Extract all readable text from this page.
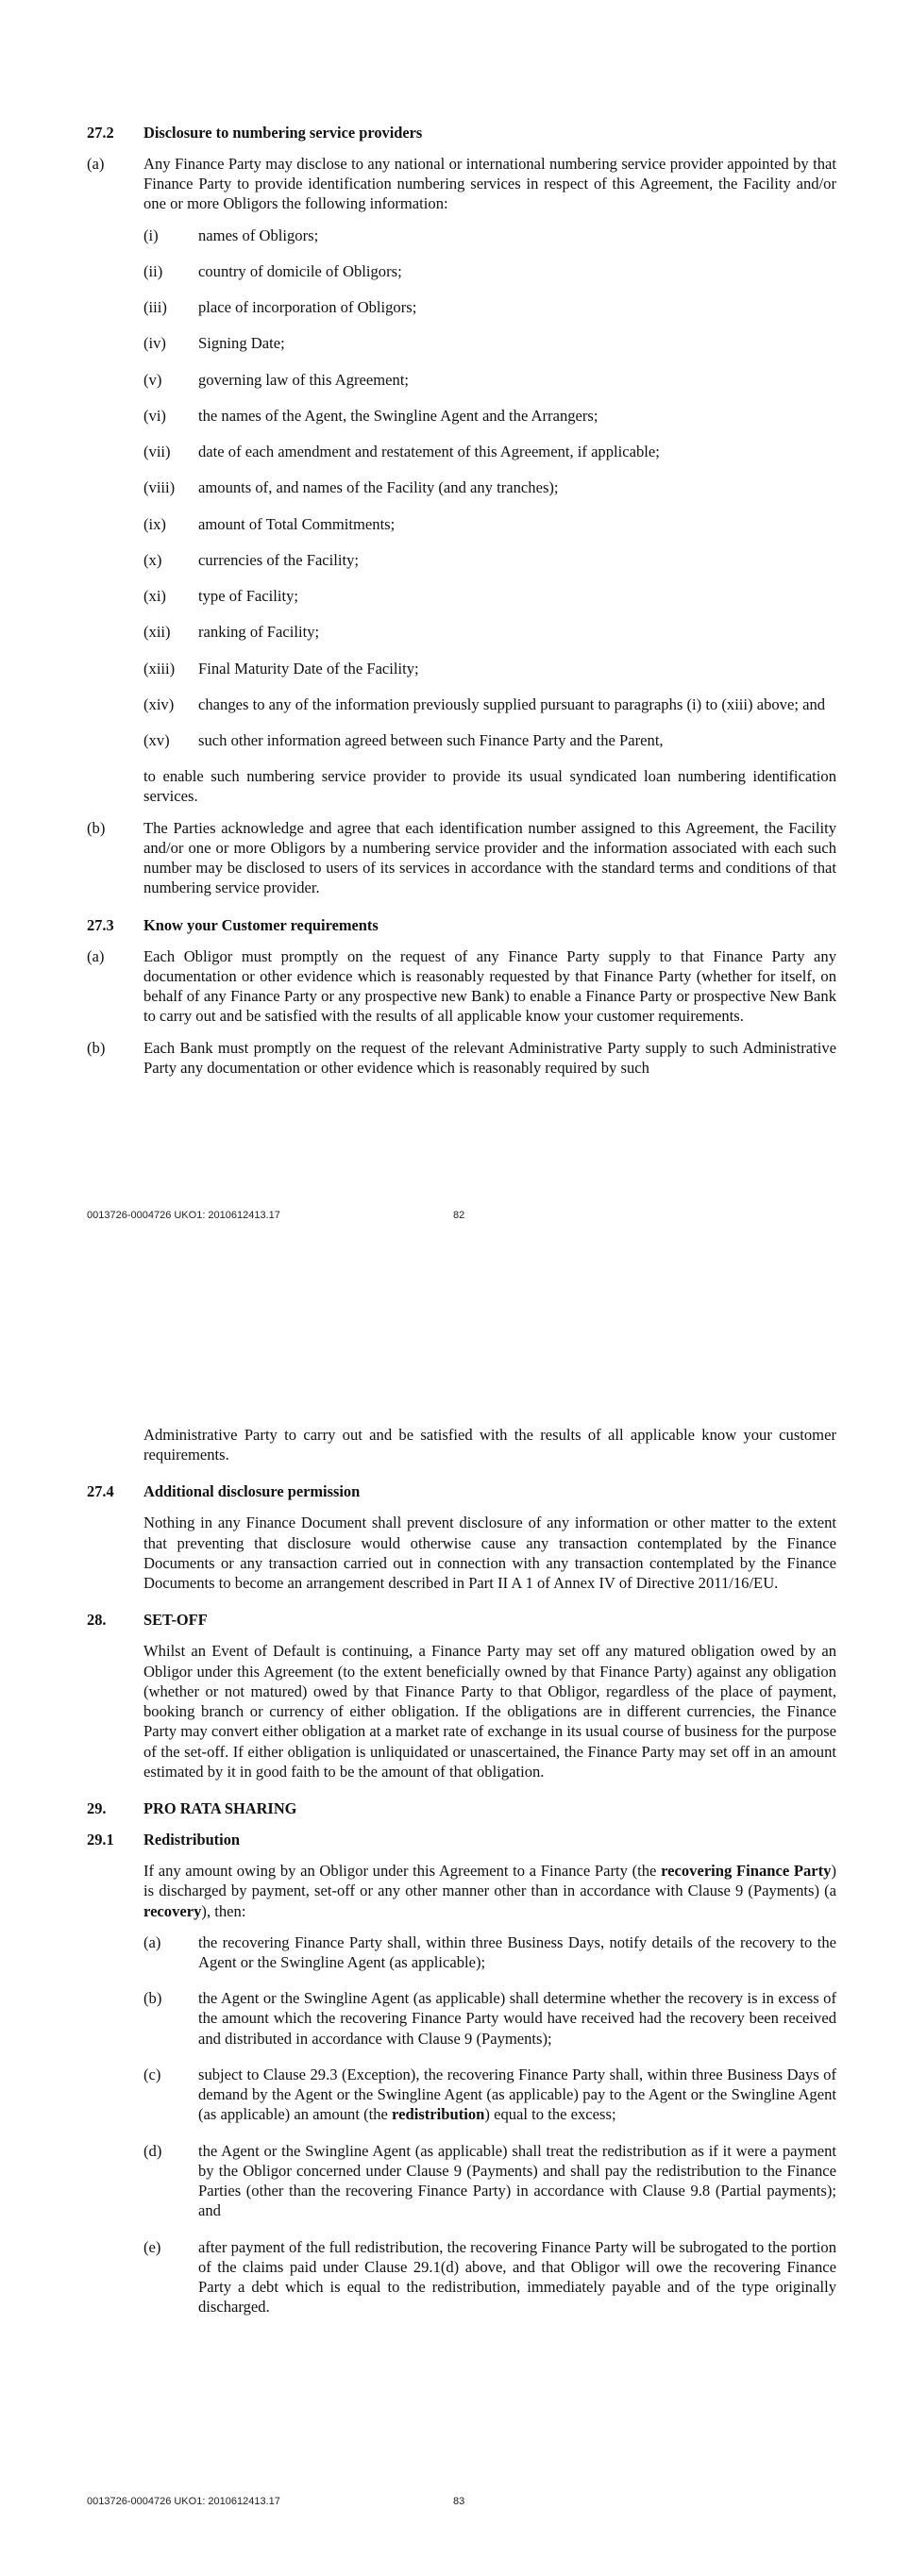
27.2	Disclosure to numbering service providers
(a)	Any Finance Party may disclose to any national or international numbering service provider appointed by that Finance Party to provide identification numbering services in respect of this Agreement, the Facility and/or one or more Obligors the following information:
(i)	names of Obligors;
(ii)	country of domicile of Obligors;
(iii)	place of incorporation of Obligors;
(iv)	Signing Date;
(v)	governing law of this Agreement;
(vi)	the names of the Agent, the Swingline Agent and the Arrangers;
(vii)	date of each amendment and restatement of this Agreement, if applicable;
(viii)	amounts of, and names of the Facility (and any tranches);
(ix)	amount of Total Commitments;
(x)	currencies of the Facility;
(xi)	type of Facility;
(xii)	ranking of Facility;
(xiii)	Final Maturity Date of the Facility;
(xiv)	changes to any of the information previously supplied pursuant to paragraphs (i) to (xiii) above; and
(xv)	such other information agreed between such Finance Party and the Parent,
to enable such numbering service provider to provide its usual syndicated loan numbering identification services.
(b)	The Parties acknowledge and agree that each identification number assigned to this Agreement, the Facility and/or one or more Obligors by a numbering service provider and the information associated with each such number may be disclosed to users of its services in accordance with the standard terms and conditions of that numbering service provider.
27.3	Know your Customer requirements
(a)	Each Obligor must promptly on the request of any Finance Party supply to that Finance Party any documentation or other evidence which is reasonably requested by that Finance Party (whether for itself, on behalf of any Finance Party or any prospective new Bank) to enable a Finance Party or prospective New Bank to carry out and be satisfied with the results of all applicable know your customer requirements.
(b)	Each Bank must promptly on the request of the relevant Administrative Party supply to such Administrative Party any documentation or other evidence which is reasonably required by such
0013726-0004726 UKO1: 2010612413.17	82
Administrative Party to carry out and be satisfied with the results of all applicable know your customer requirements.
27.4	Additional disclosure permission
Nothing in any Finance Document shall prevent disclosure of any information or other matter to the extent that preventing that disclosure would otherwise cause any transaction contemplated by the Finance Documents or any transaction carried out in connection with any transaction contemplated by the Finance Documents to become an arrangement described in Part II A 1 of Annex IV of Directive 2011/16/EU.
28.	SET-OFF
Whilst an Event of Default is continuing, a Finance Party may set off any matured obligation owed by an Obligor under this Agreement (to the extent beneficially owned by that Finance Party) against any obligation (whether or not matured) owed by that Finance Party to that Obligor, regardless of the place of payment, booking branch or currency of either obligation. If the obligations are in different currencies, the Finance Party may convert either obligation at a market rate of exchange in its usual course of business for the purpose of the set-off. If either obligation is unliquidated or unascertained, the Finance Party may set off in an amount estimated by it in good faith to be the amount of that obligation.
29.	PRO RATA SHARING
29.1	Redistribution
If any amount owing by an Obligor under this Agreement to a Finance Party (the recovering Finance Party) is discharged by payment, set-off or any other manner other than in accordance with Clause 9 (Payments) (a recovery), then:
(a)	the recovering Finance Party shall, within three Business Days, notify details of the recovery to the Agent or the Swingline Agent (as applicable);
(b)	the Agent or the Swingline Agent (as applicable) shall determine whether the recovery is in excess of the amount which the recovering Finance Party would have received had the recovery been received and distributed in accordance with Clause 9 (Payments);
(c)	subject to Clause 29.3 (Exception), the recovering Finance Party shall, within three Business Days of demand by the Agent or the Swingline Agent (as applicable) pay to the Agent or the Swingline Agent (as applicable) an amount (the redistribution) equal to the excess;
(d)	the Agent or the Swingline Agent (as applicable) shall treat the redistribution as if it were a payment by the Obligor concerned under Clause 9 (Payments) and shall pay the redistribution to the Finance Parties (other than the recovering Finance Party) in accordance with Clause 9.8 (Partial payments); and
(e)	after payment of the full redistribution, the recovering Finance Party will be subrogated to the portion of the claims paid under Clause 29.1(d) above, and that Obligor will owe the recovering Finance Party a debt which is equal to the redistribution, immediately payable and of the type originally discharged.
0013726-0004726 UKO1: 2010612413.17	83
